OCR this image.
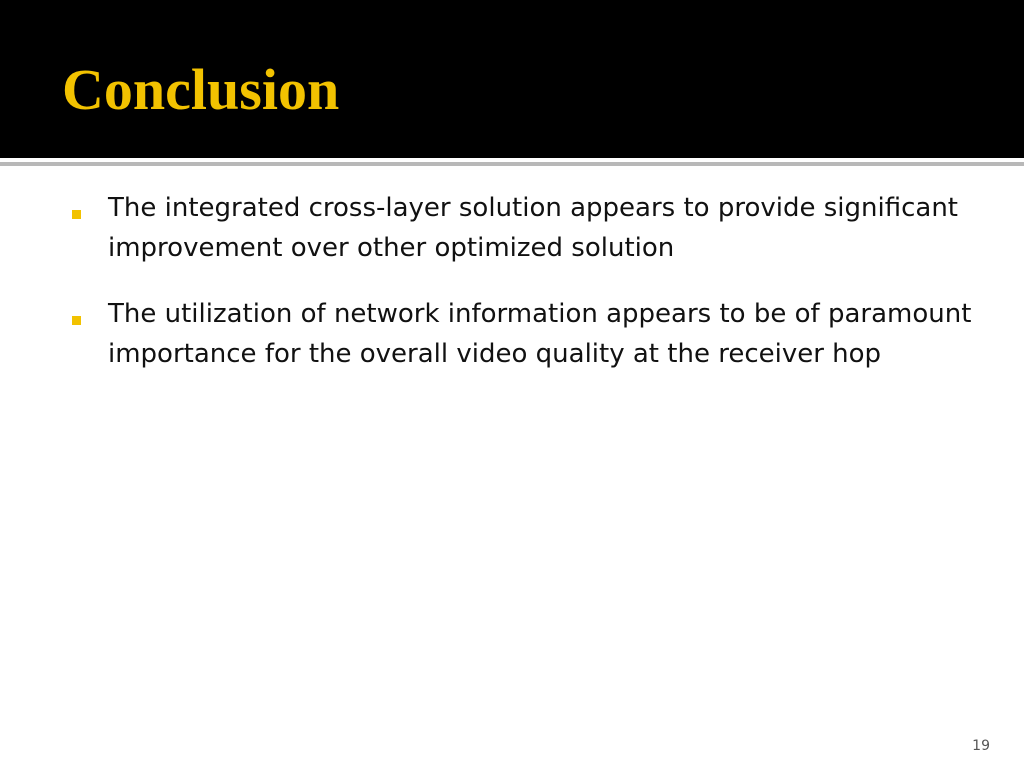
Conclusion
The integrated cross-layer solution appears to provide significant improvement over other optimized solution
The utilization of network information appears to be of paramount importance for the overall video quality at the receiver hop
19
